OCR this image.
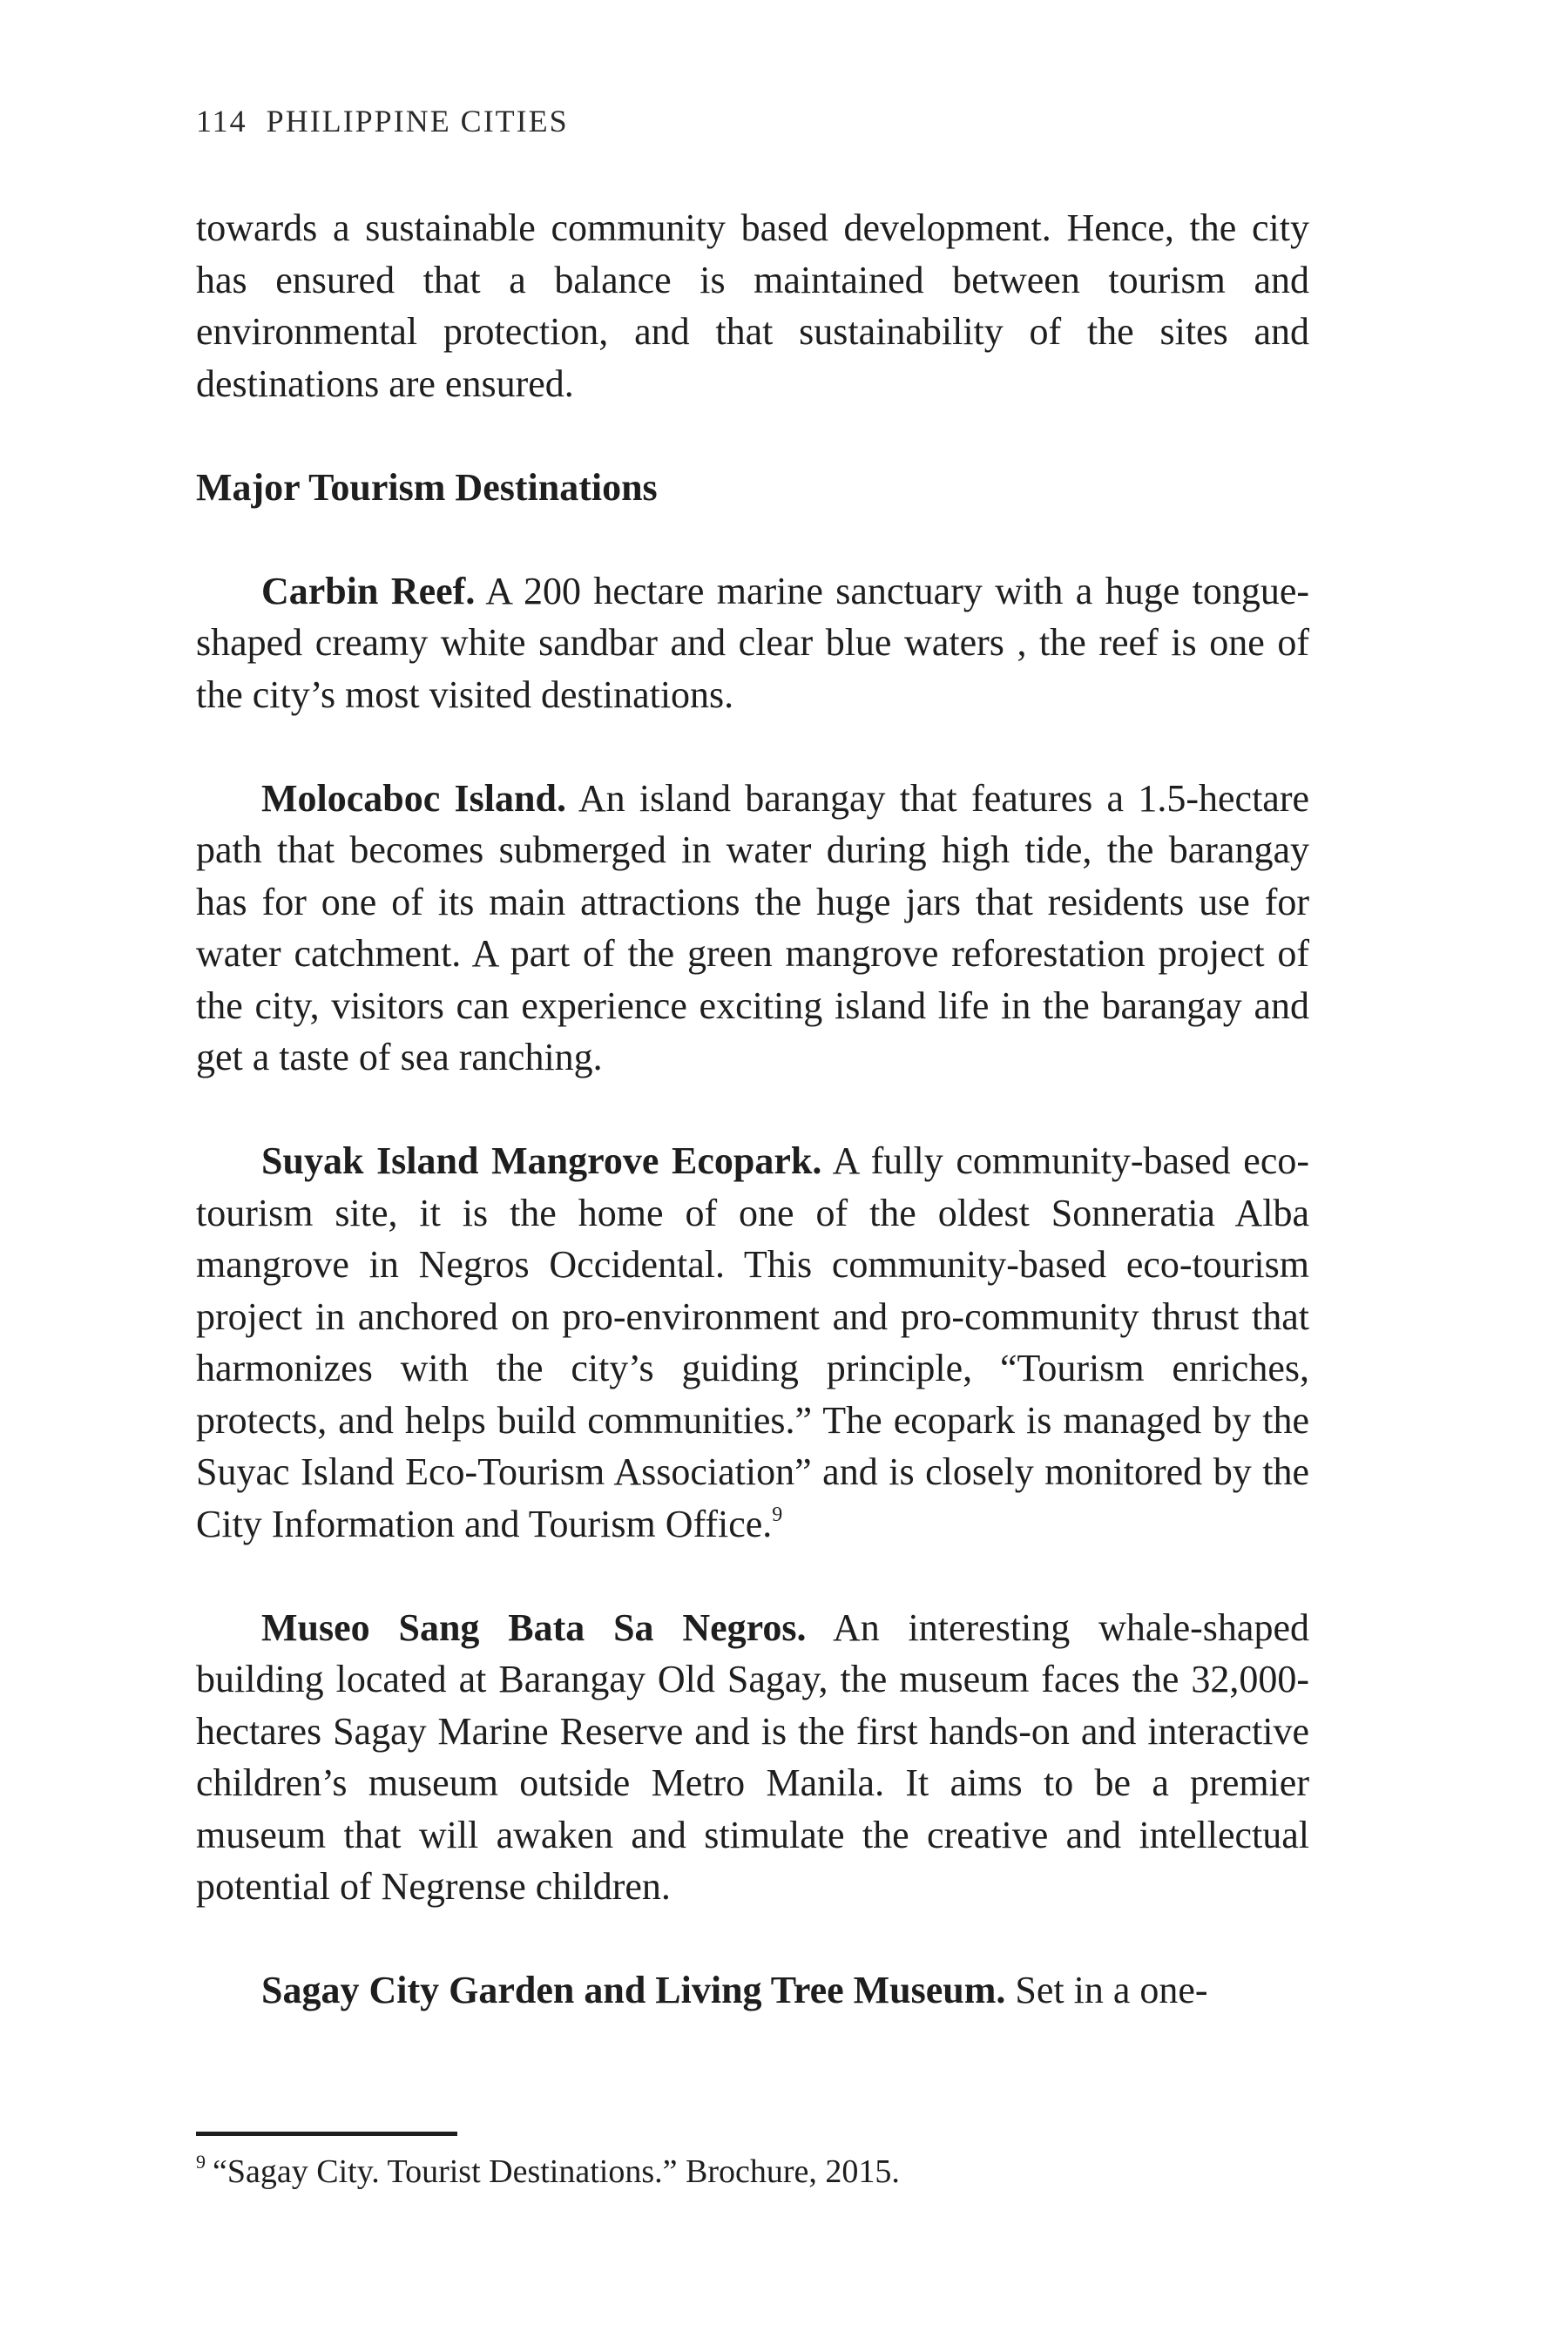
114 PHILIPPINE CITIES

towards a sustainable community based development. Hence, the city has ensured that a balance is maintained between tourism and environmental protection, and that sustainability of the sites and destinations are ensured.

Major Tourism Destinations

Carbin Reef. A 200 hectare marine sanctuary with a huge tongue-shaped creamy white sandbar and clear blue waters , the reef is one of the city’s most visited destinations.

Molocaboc Island. An island barangay that features a 1.5-hectare path that becomes submerged in water during high tide, the barangay has for one of its main attractions the huge jars that residents use for water catchment. A part of the green mangrove reforestation project of the city, visitors can experience exciting island life in the barangay and get a taste of sea ranching.

Suyak Island Mangrove Ecopark. A fully community-based eco-tourism site, it is the home of one of the oldest Sonneratia Alba mangrove in Negros Occidental. This community-based eco-tourism project in anchored on pro-environment and pro-community thrust that harmonizes with the city’s guiding principle, “Tourism enriches, protects, and helps build communities.” The ecopark is managed by the Suyac Island Eco-Tourism Association” and is closely monitored by the City Information and Tourism Office.$^9$

Museo Sang Bata Sa Negros. An interesting whale-shaped building located at Barangay Old Sagay, the museum faces the 32,000-hectares Sagay Marine Reserve and is the first hands-on and interactive children’s museum outside Metro Manila. It aims to be a premier museum that will awaken and stimulate the creative and intellectual potential of Negrense children.

Sagay City Garden and Living Tree Museum. Set in a one-

$^9$ “Sagay City. Tourist Destinations.” Brochure, 2015.
